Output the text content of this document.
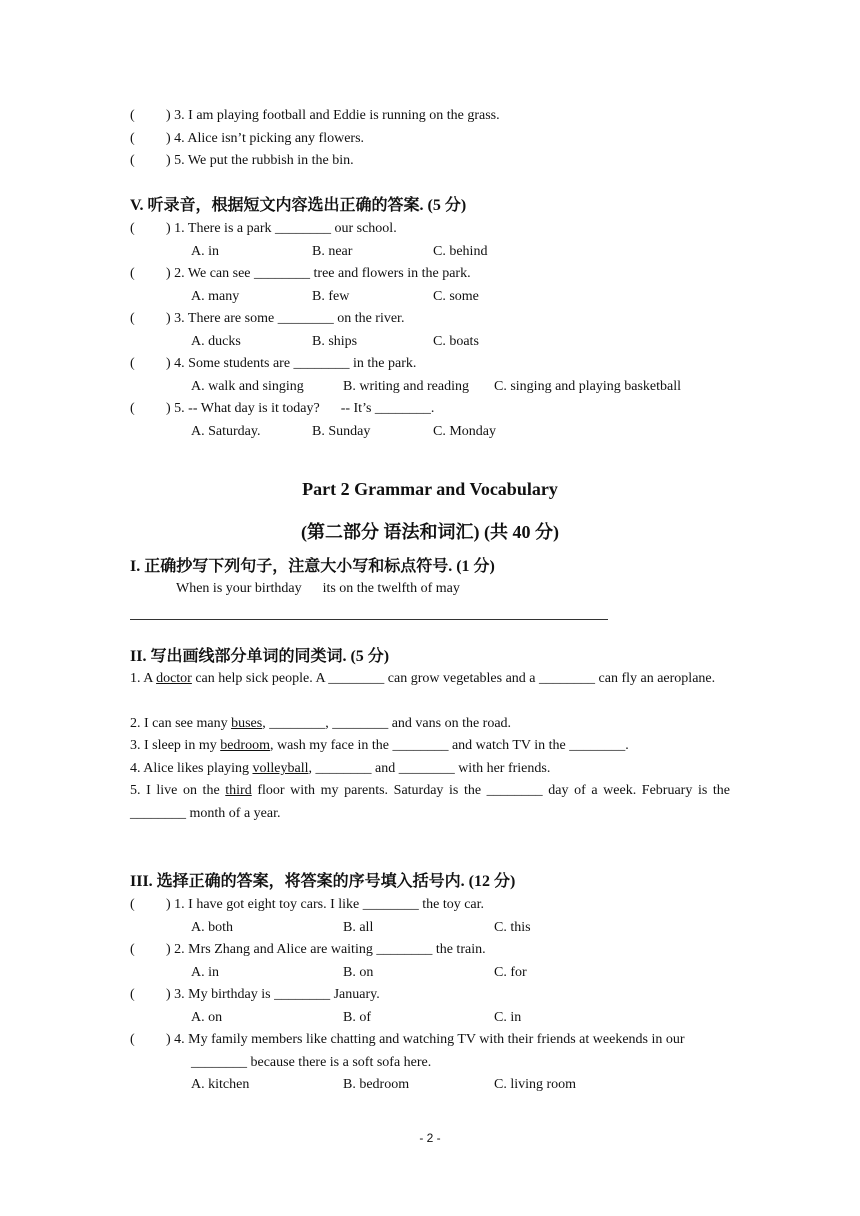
( ) 3. I am playing football and Eddie is running on the grass.
( ) 4. Alice isn’t picking any flowers.
( ) 5. We put the rubbish in the bin.
V. 听录音，根据短文内容选出正确的答案. (5 分)
( ) 1. There is a park ________ our school.
A. in	B. near	C. behind
( ) 2. We can see ________ tree and flowers in the park.
A. many	B. few	C. some
( ) 3. There are some ________ on the river.
A. ducks	B. ships	C. boats
( ) 4. Some students are ________ in the park.
A. walk and singing	B. writing and reading C. singing and playing basketball
( ) 5. -- What day is it today?      -- It’s ________.
A. Saturday.	B. Sunday	C. Monday
Part 2 Grammar and Vocabulary
(第二部分 语法和词汇) (共 40 分)
I. 正确抄写下列句子，注意大小写和标点符号. (1 分)
When is your birthday      its on the twelfth of may
II. 写出画线部分单词的同类词. (5 分)
1. A doctor can help sick people. A ________ can grow vegetables and a ________ can fly an aeroplane.
2. I can see many buses, ________, ________ and vans on the road.
3. I sleep in my bedroom, wash my face in the ________ and watch TV in the ________.
4. Alice likes playing volleyball, ________ and ________ with her friends.
5. I live on the third floor with my parents. Saturday is the ________ day of a week. February is the ________ month of a year.
III. 选择正确的答案，将答案的序号填入括号内. (12 分)
( ) 1. I have got eight toy cars. I like ________ the toy car.
A. both	B. all	C. this
( ) 2. Mrs Zhang and Alice are waiting ________ the train.
A. in	B. on	C. for
( ) 3. My birthday is ________ January.
A. on	B. of	C. in
( ) 4. My family members like chatting and watching TV with their friends at weekends in our
________ because there is a soft sofa here.
A. kitchen	B. bedroom	C. living room
- 2 -
